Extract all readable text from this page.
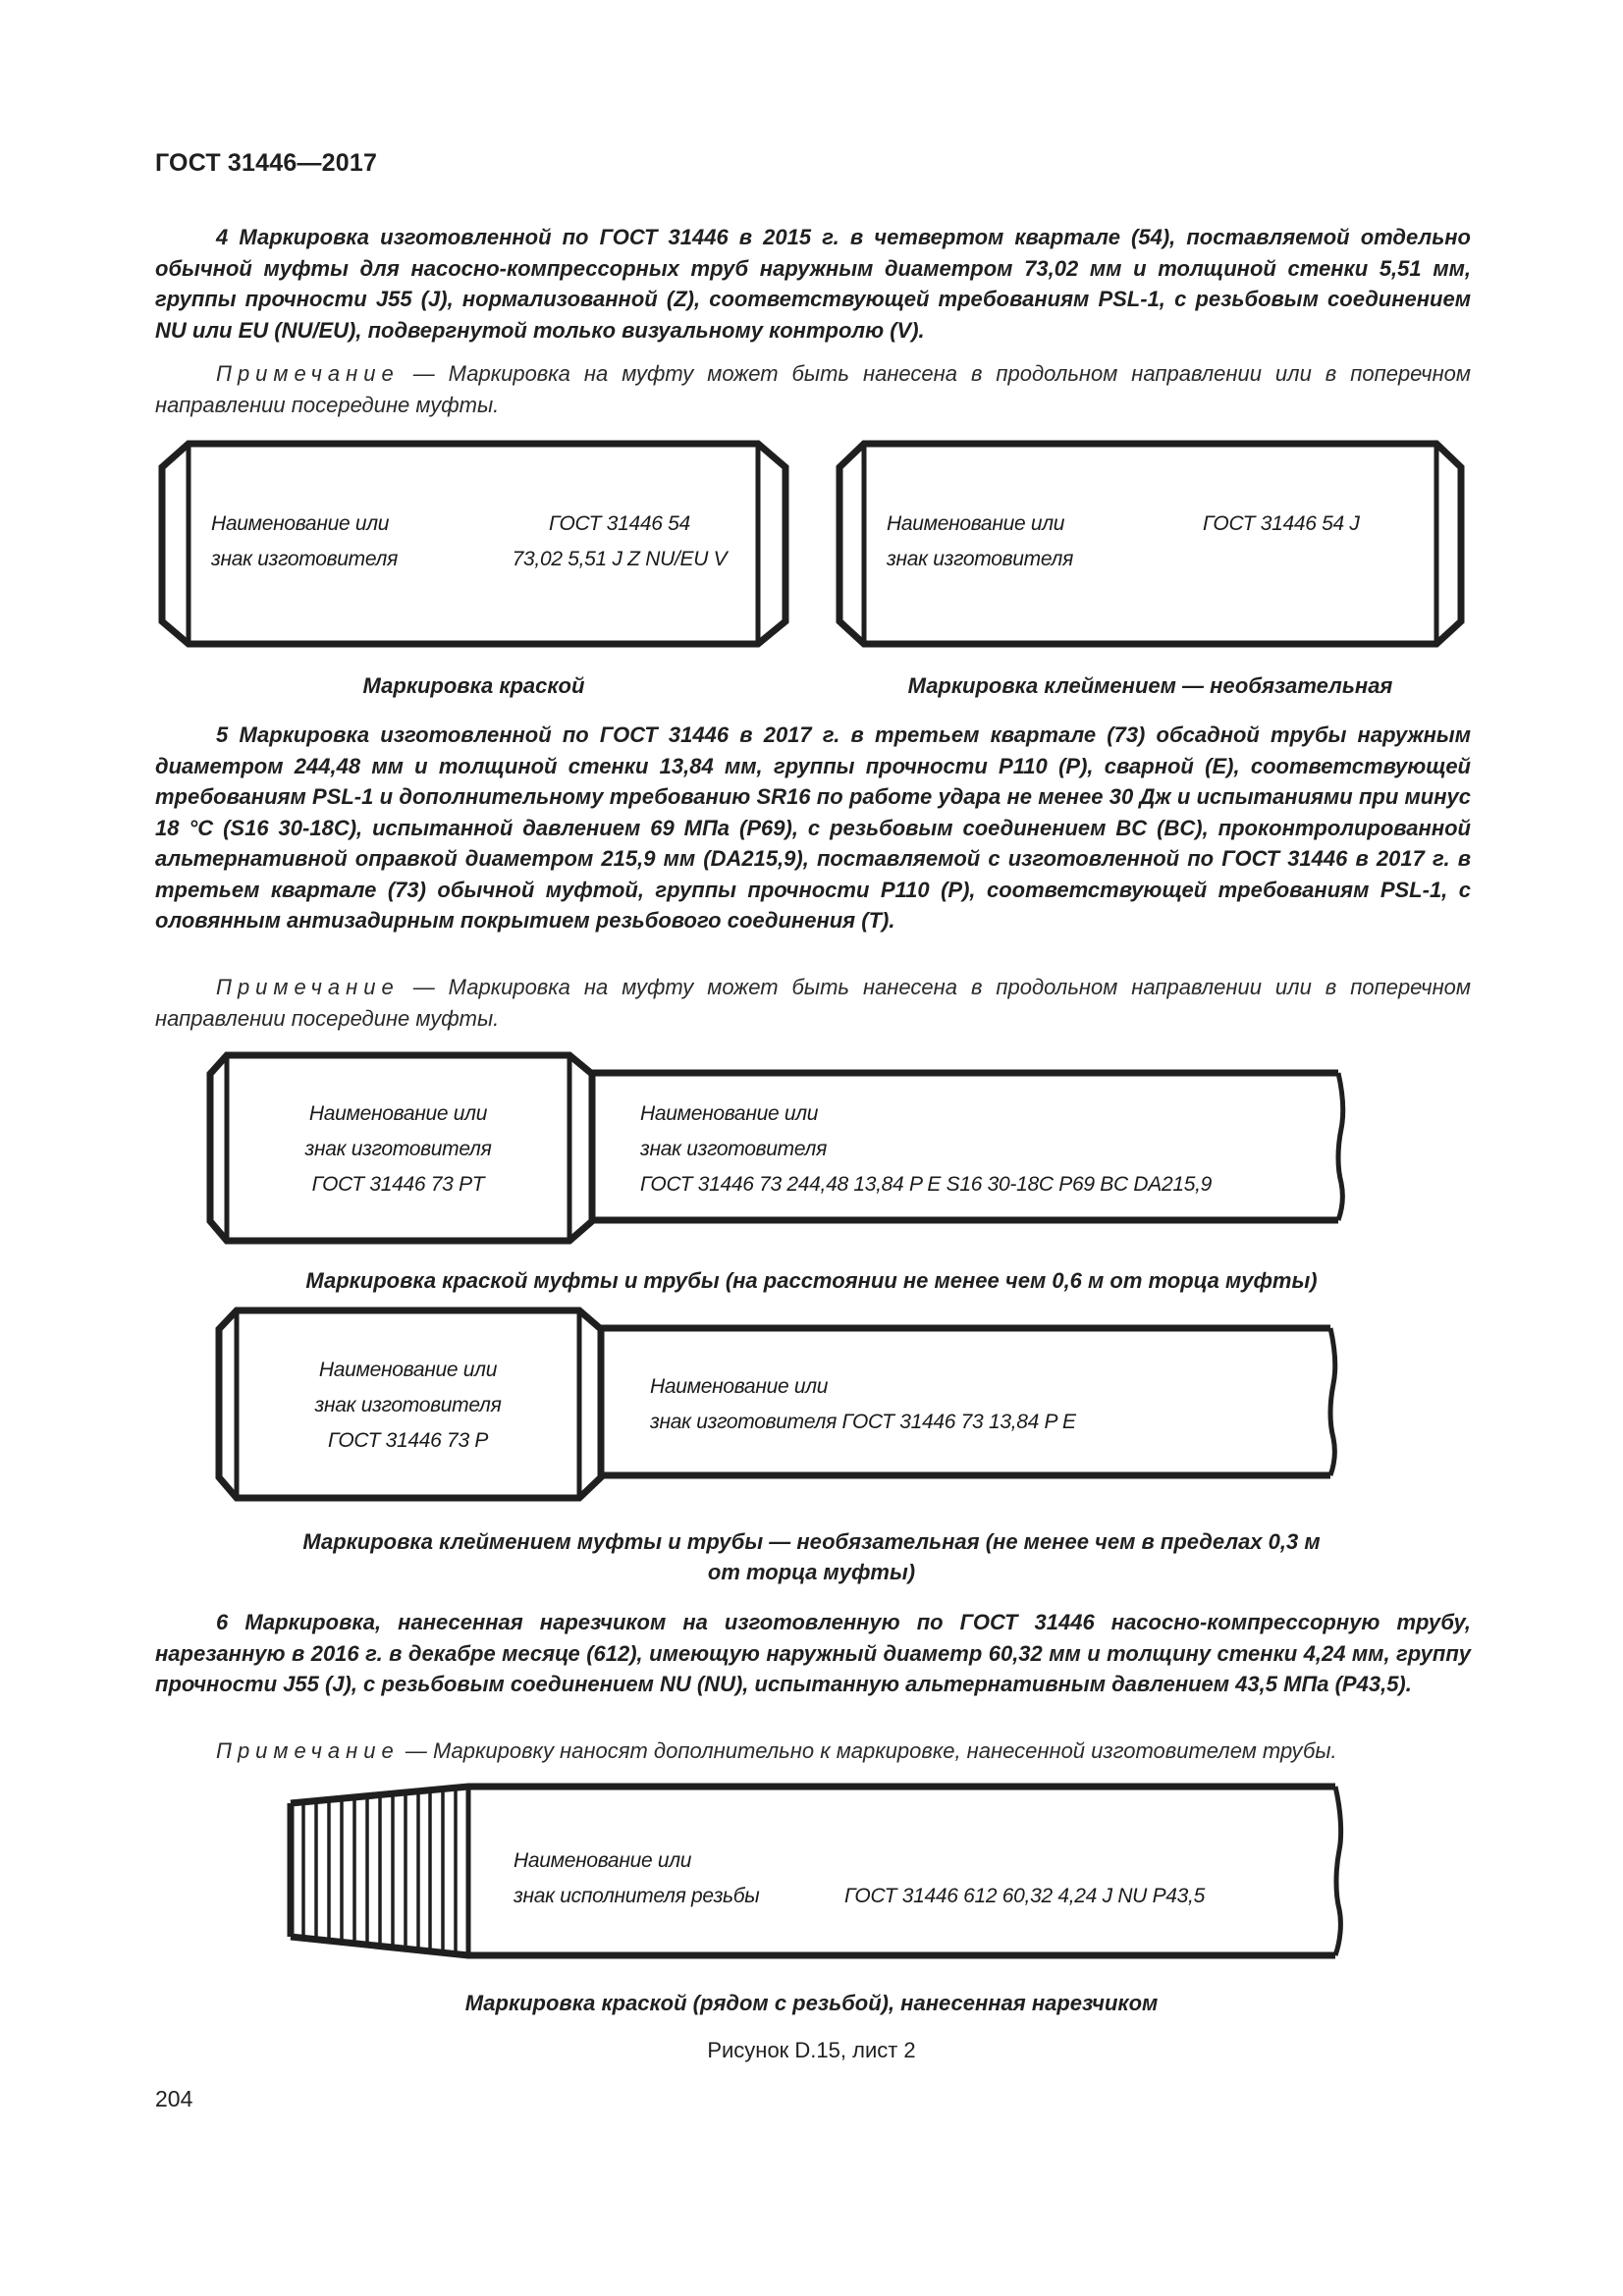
ГОСТ 31446—2017
4 Маркировка изготовленной по ГОСТ 31446 в 2015 г. в четвертом квартале (54), поставляемой отдельно обычной муфты для насосно-компрессорных труб наружным диаметром 73,02 мм и толщиной стенки 5,51 мм, группы прочности J55 (J), нормализованной (Z), соответствующей требованиям PSL-1, с резьбовым соединением NU или EU (NU/EU), подвергнутой только визуальному контролю (V).
Примечание — Маркировка на муфту может быть нанесена в продольном направлении или в поперечном направлении посередине муфты.
Наименование или
знак изготовителя
ГОСТ 31446 54
73,02 5,51 J Z NU/EU V
Маркировка краской
Наименование или
знак изготовителя
ГОСТ 31446 54 J
Маркировка клеймением — необязательная
5 Маркировка изготовленной по ГОСТ 31446 в 2017 г. в третьем квартале (73) обсадной трубы наружным диаметром 244,48 мм и толщиной стенки 13,84 мм, группы прочности P110 (P), сварной (E), соответствующей требованиям PSL-1 и дополнительному требованию SR16 по работе удара не менее 30 Дж и испытаниями при минус 18 °С (S16 30-18C), испытанной давлением 69 МПа (P69), с резьбовым соединением BC (BC), проконтролированной альтернативной оправкой диаметром 215,9 мм (DA215,9), поставляемой с изготовленной по ГОСТ 31446 в 2017 г. в третьем квартале (73) обычной муфтой, группы прочности P110 (P), соответствующей требованиям PSL-1, с оловянным антизадирным покрытием резьбового соединения (T).
Примечание — Маркировка на муфту может быть нанесена в продольном направлении или в поперечном направлении посередине муфты.
Наименование или
знак изготовителя
ГОСТ 31446 73 PT
Наименование или
знак изготовителя
ГОСТ 31446 73 244,48 13,84 P E S16 30-18C P69 BC DA215,9
Маркировка краской муфты и трубы (на расстоянии не менее чем 0,6 м от торца муфты)
Наименование или
знак изготовителя
ГОСТ 31446 73 P
Наименование или
знак изготовителя ГОСТ 31446 73 13,84 P E
Маркировка клеймением муфты и трубы — необязательная (не менее чем в пределах 0,3 м
от торца муфты)
6 Маркировка, нанесенная нарезчиком на изготовленную по ГОСТ 31446 насосно-компрессорную трубу, нарезанную в 2016 г. в декабре месяце (612), имеющую наружный диаметр 60,32 мм и толщину стенки 4,24 мм, группу прочности J55 (J), с резьбовым соединением NU (NU), испытанную альтернативным давлением 43,5 МПа (P43,5).
Примечание — Маркировку наносят дополнительно к маркировке, нанесенной изготовителем трубы.
Наименование или
знак исполнителя резьбы	ГОСТ 31446 612 60,32 4,24 J NU P43,5
Маркировка краской (рядом с резьбой), нанесенная нарезчиком
Рисунок D.15, лист 2
204
